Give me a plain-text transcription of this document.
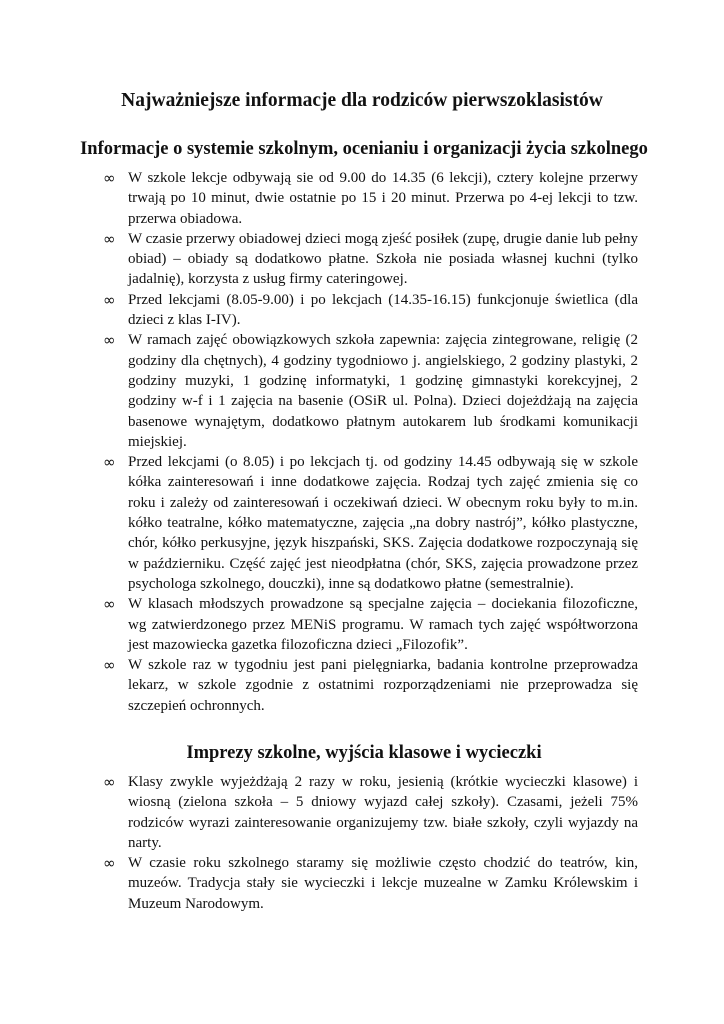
Najważniejsze informacje dla rodziców pierwszoklasistów
Informacje o systemie szkolnym, ocenianiu i organizacji życia szkolnego
∞ W szkole lekcje odbywają sie od 9.00 do 14.35 (6 lekcji), cztery kolejne przerwy trwają po 10 minut, dwie ostatnie po 15 i 20 minut. Przerwa po 4-ej lekcji to tzw. przerwa obiadowa.
∞ W czasie przerwy obiadowej dzieci mogą zjeść posiłek (zupę, drugie danie lub pełny obiad) – obiady są dodatkowo płatne. Szkoła nie posiada własnej kuchni (tylko jadalnię), korzysta z usług firmy cateringowej.
∞ Przed lekcjami (8.05-9.00) i po lekcjach (14.35-16.15) funkcjonuje świetlica (dla dzieci z klas I-IV).
∞ W ramach zajęć obowiązkowych szkoła zapewnia: zajęcia zintegrowane, religię (2 godziny dla chętnych), 4 godziny tygodniowo j. angielskiego, 2 godziny plastyki, 2 godziny muzyki, 1 godzinę informatyki, 1 godzinę gimnastyki korekcyjnej, 2 godziny w-f i 1 zajęcia na basenie (OSiR ul. Polna). Dzieci dojeżdżają na zajęcia basenowe wynajętym, dodatkowo płatnym autokarem lub środkami komunikacji miejskiej.
∞ Przed lekcjami (o 8.05) i po lekcjach tj. od godziny 14.45 odbywają się w szkole kółka zainteresowań i inne dodatkowe zajęcia. Rodzaj tych zajęć zmienia się co roku i zależy od zainteresowań i oczekiwań dzieci. W obecnym roku były to m.in. kółko teatralne, kółko matematyczne, zajęcia „na dobry nastrój”, kółko plastyczne, chór, kółko perkusyjne, język hiszpański, SKS. Zajęcia dodatkowe rozpoczynają się w październiku. Część zajęć jest nieodpłatna (chór, SKS, zajęcia prowadzone przez psychologa szkolnego, douczki), inne są dodatkowo płatne (semestralnie).
∞ W klasach młodszych prowadzone są specjalne zajęcia – dociekania filozoficzne, wg zatwierdzonego przez MENiS programu. W ramach tych zajęć współtworzona jest mazowiecka gazetka filozoficzna dzieci „Filozofik”.
∞ W szkole raz w tygodniu jest pani pielęgniarka, badania kontrolne przeprowadza lekarz, w szkole zgodnie z ostatnimi rozporządzeniami nie przeprowadza się szczepień ochronnych.
Imprezy szkolne, wyjścia klasowe i wycieczki
∞ Klasy zwykle wyjeżdżają 2 razy w roku, jesienią (krótkie wycieczki klasowe) i wiosną (zielona szkoła – 5 dniowy wyjazd całej szkoły). Czasami, jeżeli 75% rodziców wyrazi zainteresowanie organizujemy tzw. białe szkoły, czyli wyjazdy na narty.
∞ W czasie roku szkolnego staramy się możliwie często chodzić do teatrów, kin, muzeów. Tradycja stały sie wycieczki i lekcje muzealne w Zamku Królewskim i Muzeum Narodowym.
